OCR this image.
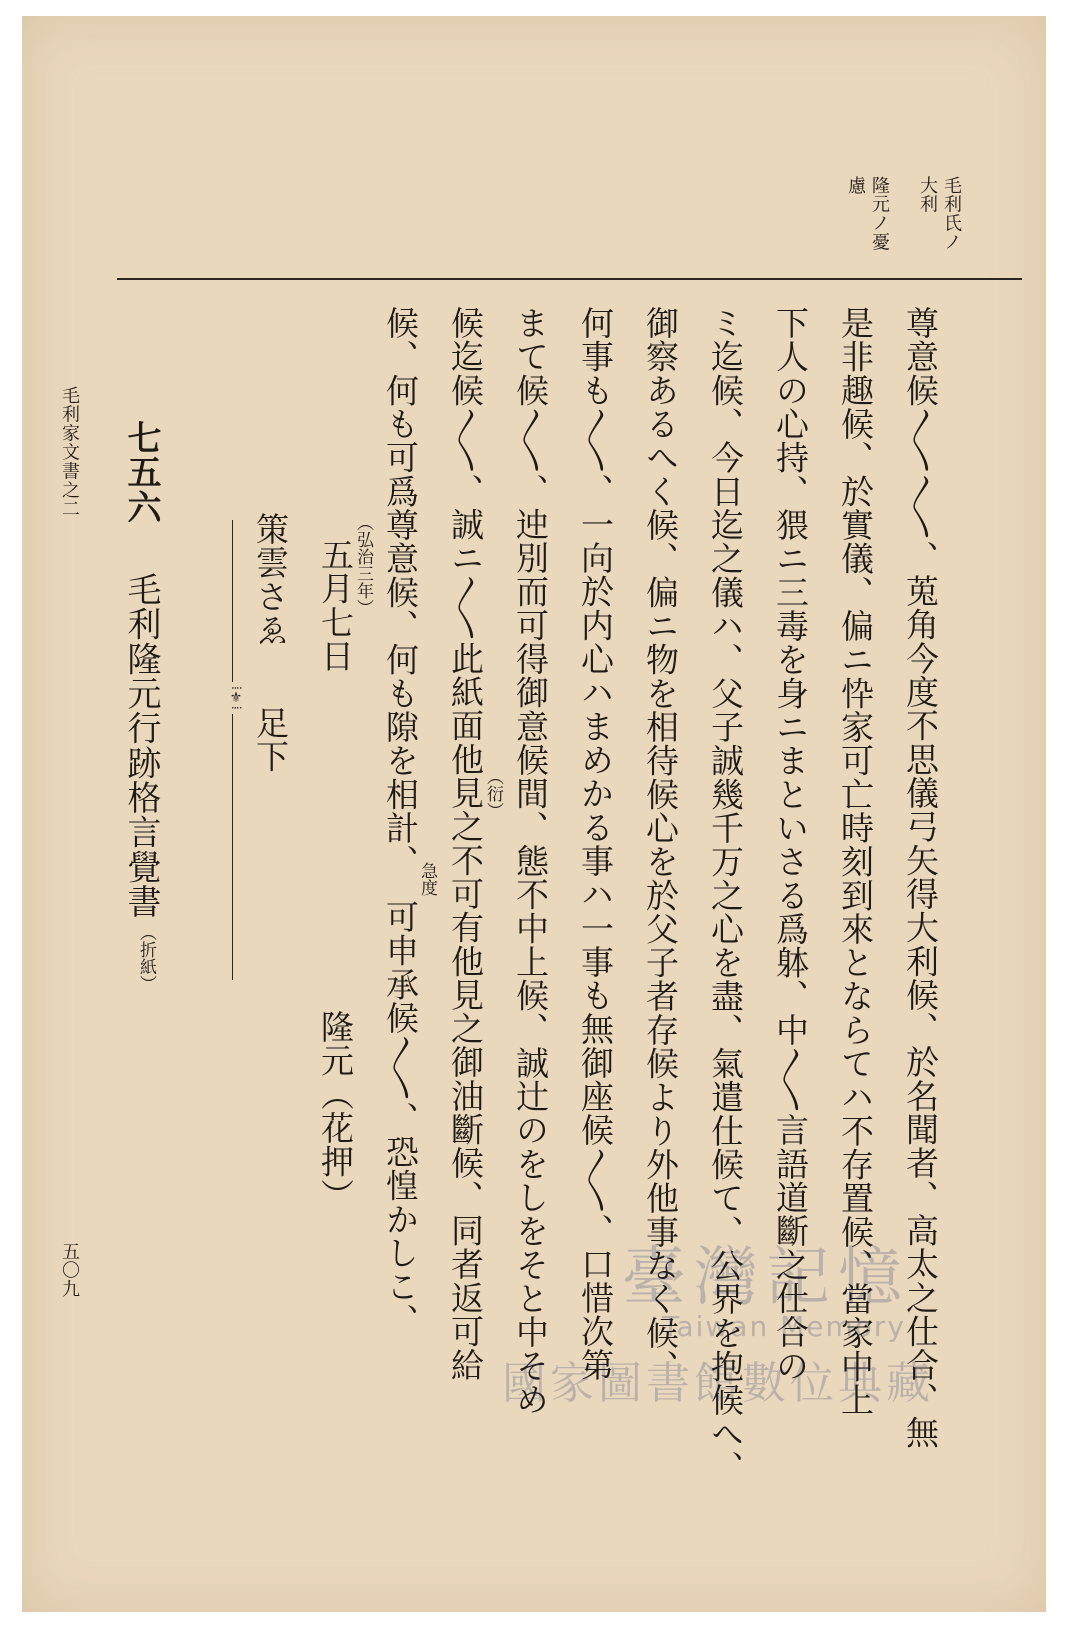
毛利氏ノ
大利
隆元ノ憂
慮
尊意候〱〱、莵角今度不思儀弓矢得大利候、於名聞者、高太之仕合、無
是非趣候、於實儀、偏ニ忰家可亡時刻到來とならてハ不存置候、當家中上
下人の心持、猥ニ三毒を身ニまといさる爲躰、中〱言語道斷之仕合の
ミ迄候、今日迄之儀ハ、父子誠幾千万之心を盡、氣遣仕候て、公界を抱候へ、
御察あるへく候、偏ニ物を相待候心を於父子者存候より外他事なく候、
何事も〱、一向於内心ハまめかる事ハ一事も無御座候〱、口惜次第
まて候〱、迚別而可得御意候間、態不中上候、誠辻のをしをそと中そめ
候迄候〱、誠ニ〱此紙面他見之不可有他見之御油斷候、同者返可給
（衍）
候、何も可爲尊意候、何も隙を相計、
急度
可申承候〱、恐惶かしこ、
隆元（花押）
（弘治三年）
五月七日
策雲さゑ
足下
⁞⚜⁞
七五六
毛利隆元行跡格言覺書
（折紙）
毛利家文書之二
五〇九	臺灣記憶
Taiwan Memory
國家圖書館數位典藏
